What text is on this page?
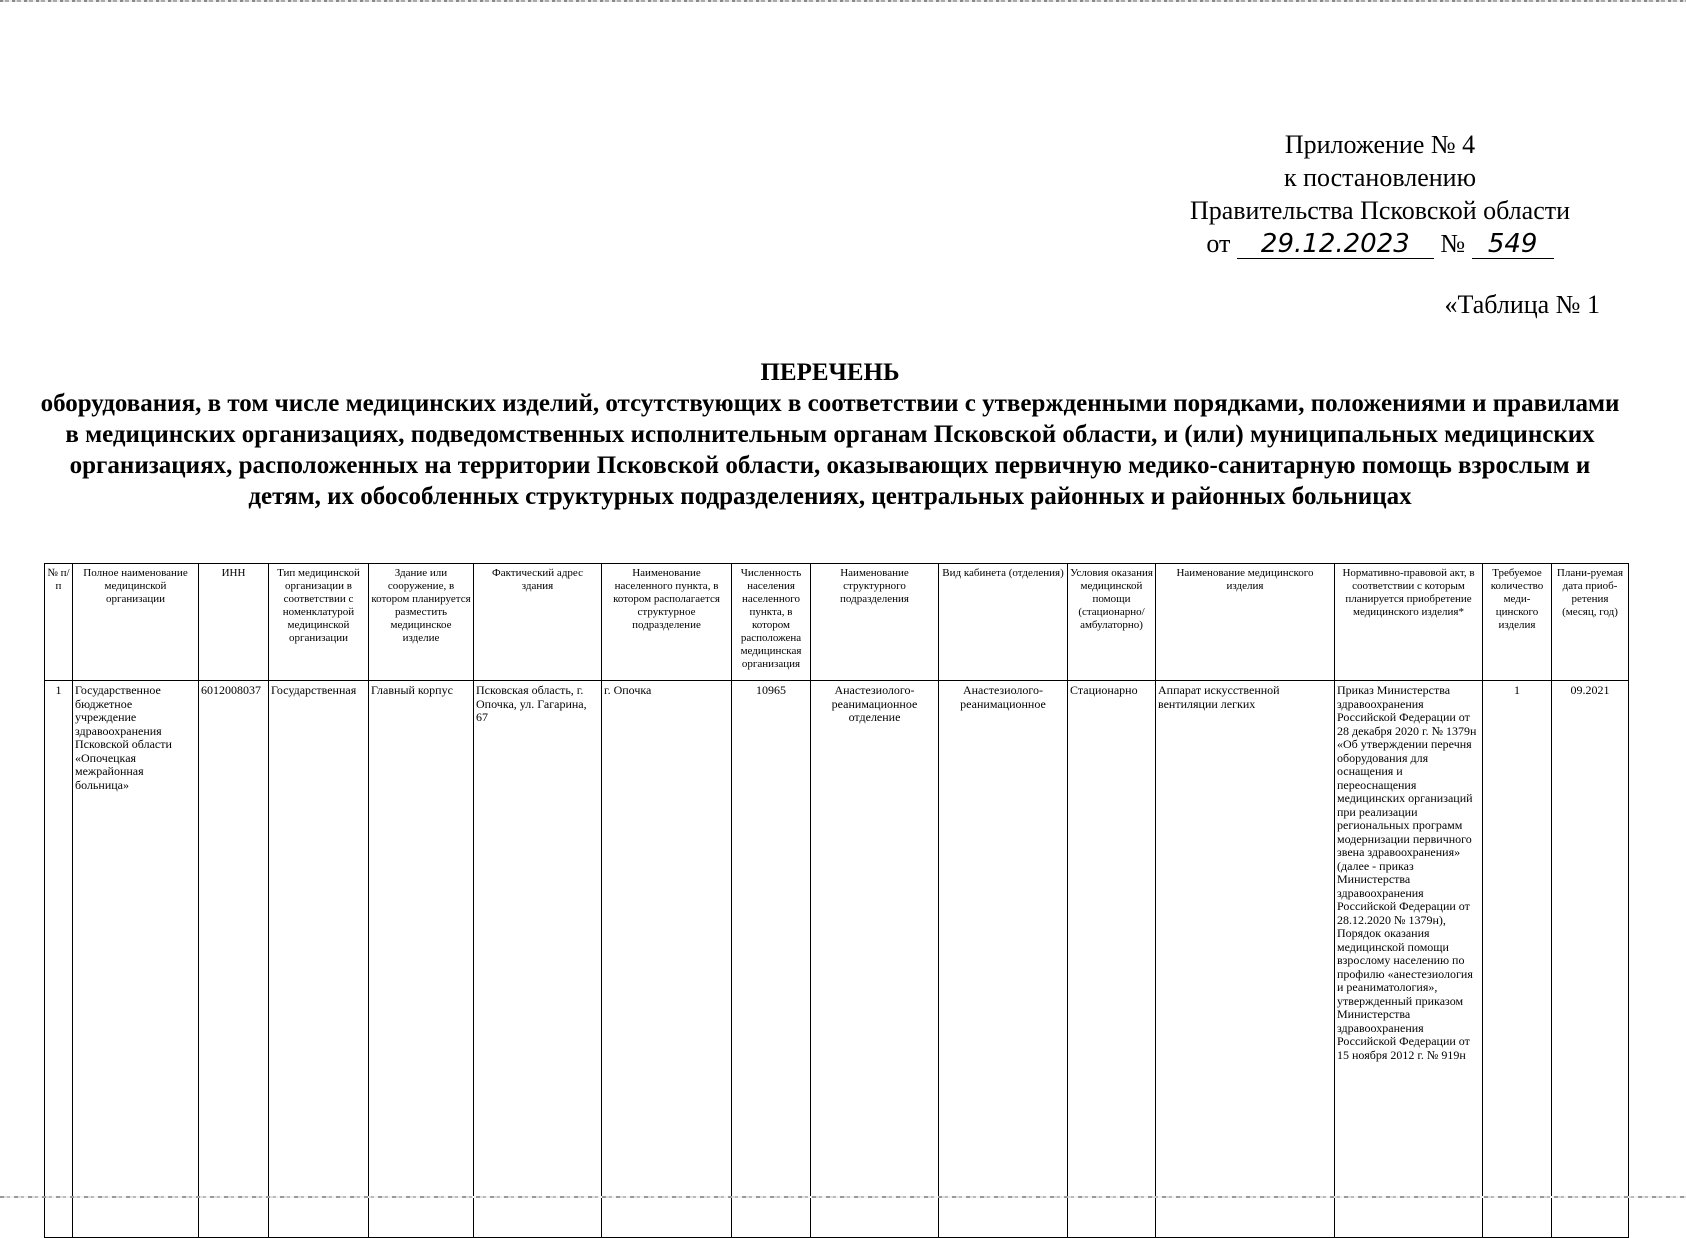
Приложение № 4
к постановлению
Правительства Псковской области
от 29.12.2023 № 549
«Таблица № 1
ПЕРЕЧЕНЬ
оборудования, в том числе медицинских изделий, отсутствующих в соответствии с утвержденными порядками, положениями и правилами в медицинских организациях, подведомственных исполнительным органам Псковской области, и (или) муниципальных медицинских организациях, расположенных на территории Псковской области, оказывающих первичную медико-санитарную помощь взрослым и детям, их обособленных структурных подразделениях, центральных районных и районных больницах
№ п/п	Полное наименование медицинской организации	ИНН	Тип медицинской организации в соответствии с номенклатурой медицинской организации	Здание или сооружение, в котором планируется разместить медицинское изделие	Фактический адрес здания	Наименование населенного пункта, в котором располагается структурное подразделение	Численность населения населенного пункта, в котором расположена медицинская организация	Наименование структурного подразделения	Вид кабинета (отделения)	Условия оказания медицинской помощи (стационарно/ амбулаторно)	Наименование медицинского изделия	Нормативно-правовой акт, в соответствии с которым планируется приобретение медицинского изделия*	Требуемое количество меди-цинского изделия	Плани-руемая дата приоб-ретения (месяц, год)
1	Государственное бюджетное учреждение здравоохранения Псковской области «Опочецкая межрайонная больница»	6012008037	Государственная	Главный корпус	Псковская область, г. Опочка, ул. Гагарина, 67	г. Опочка	10965	Анастезиолого-реанимационное отделение	Анастезиолого-реанимационное	Стационарно	Аппарат искусственной вентиляции легких	Приказ Министерства здравоохранения Российской Федерации от 28 декабря 2020 г. № 1379н «Об утверждении перечня оборудования для оснащения и переоснащения медицинских организаций при реализации региональных программ модернизации первичного звена здравоохранения» (далее - приказ Министерства здравоохранения Российской Федерации от 28.12.2020 № 1379н), Порядок оказания медицинской помощи взрослому населению по профилю «анестезиология и реаниматология», утвержденный приказом Министерства здравоохранения Российской Федерации от 15 ноября 2012 г. № 919н	1	09.2021
